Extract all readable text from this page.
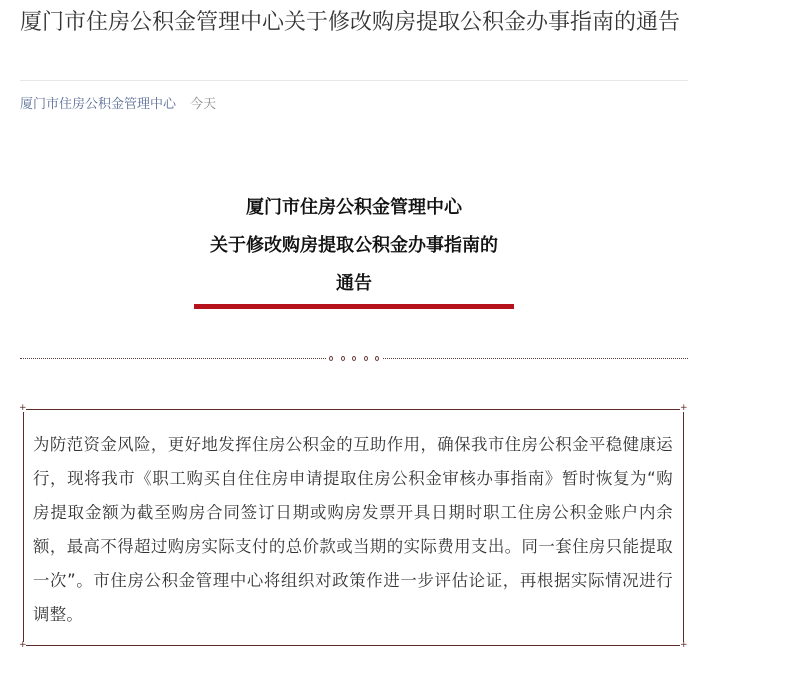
厦门市住房公积金管理中心关于修改购房提取公积金办事指南的通告
厦门市住房公积金管理中心 今天
厦门市住房公积金管理中心
关于修改购房提取公积金办事指南的
通告
+	+
+	+

为防范资金风险，更好地发挥住房公积金的互助作用，确保我市住房公积金平稳健康运行，现将我市《职工购买自住住房申请提取住房公积金审核办事指南》暂时恢复为“购房提取金额为截至购房合同签订日期或购房发票开具日期时职工住房公积金账户内余额，最高不得超过购房实际支付的总价款或当期的实际费用支出。同一套住房只能提取一次”。市住房公积金管理中心将组织对政策作进一步评估论证，再根据实际情况进行调整。
